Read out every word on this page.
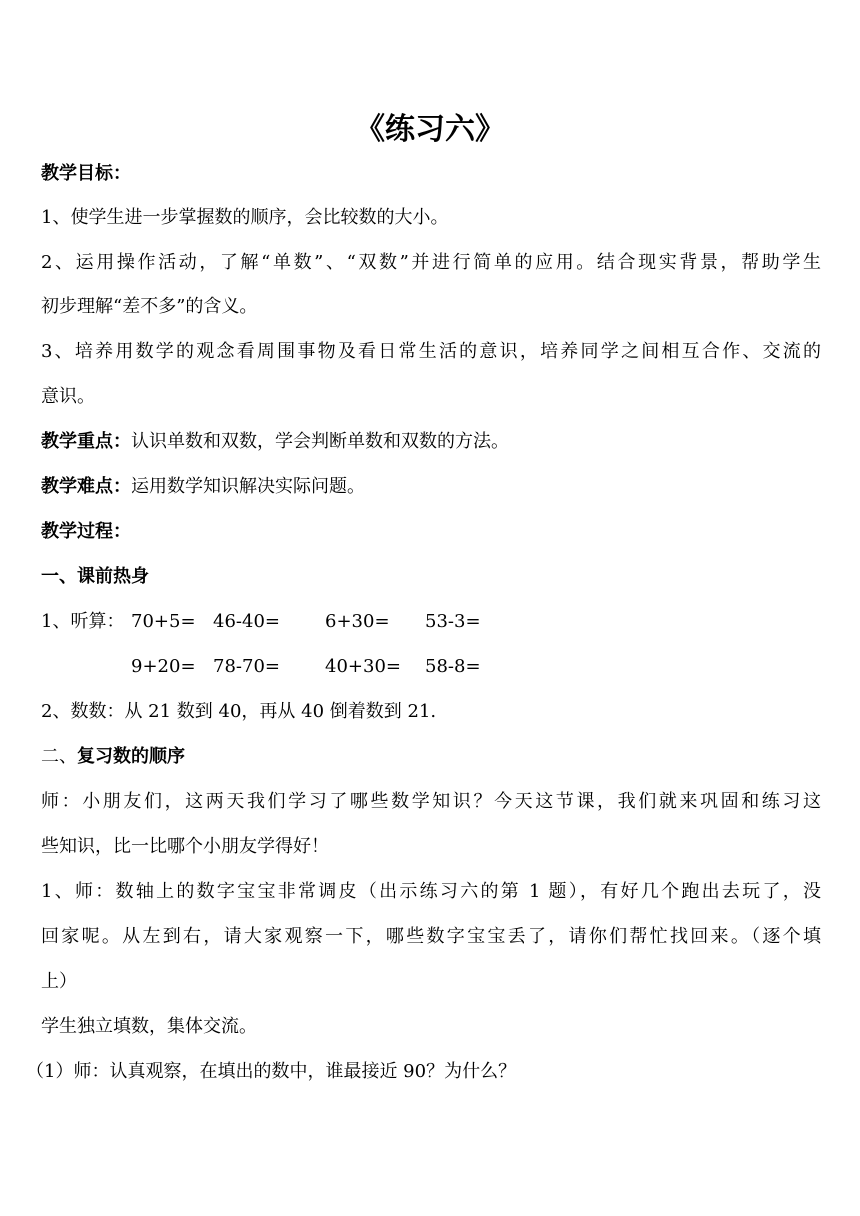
《练习六》
教学目标：
1、使学生进一步掌握数的顺序，会比较数的大小。
2、运用操作活动，了解“单数”、“双数”并进行简单的应用。结合现实背景，帮助学生
初步理解“差不多”的含义。
3、培养用数学的观念看周围事物及看日常生活的意识，培养同学之间相互合作、交流的
意识。
教学重点：认识单数和双数，学会判断单数和双数的方法。
教学难点：运用数学知识解决实际问题。
教学过程：
一、课前热身
1、听算： 70+5= 46-40=	6+30= 53-3=
9+20= 78-70=	40+30= 58-8=
2、数数：从 21 数到 40，再从 40 倒着数到 21.
二、复习数的顺序
师：小朋友们，这两天我们学习了哪些数学知识？今天这节课，我们就来巩固和练习这
些知识，比一比哪个小朋友学得好！
1、师：数轴上的数字宝宝非常调皮（出示练习六的第 1 题），有好几个跑出去玩了，没
回家呢。从左到右，请大家观察一下，哪些数字宝宝丢了，请你们帮忙找回来。（逐个填
上）
学生独立填数，集体交流。
（1）师：认真观察，在填出的数中，谁最接近 90？为什么？
